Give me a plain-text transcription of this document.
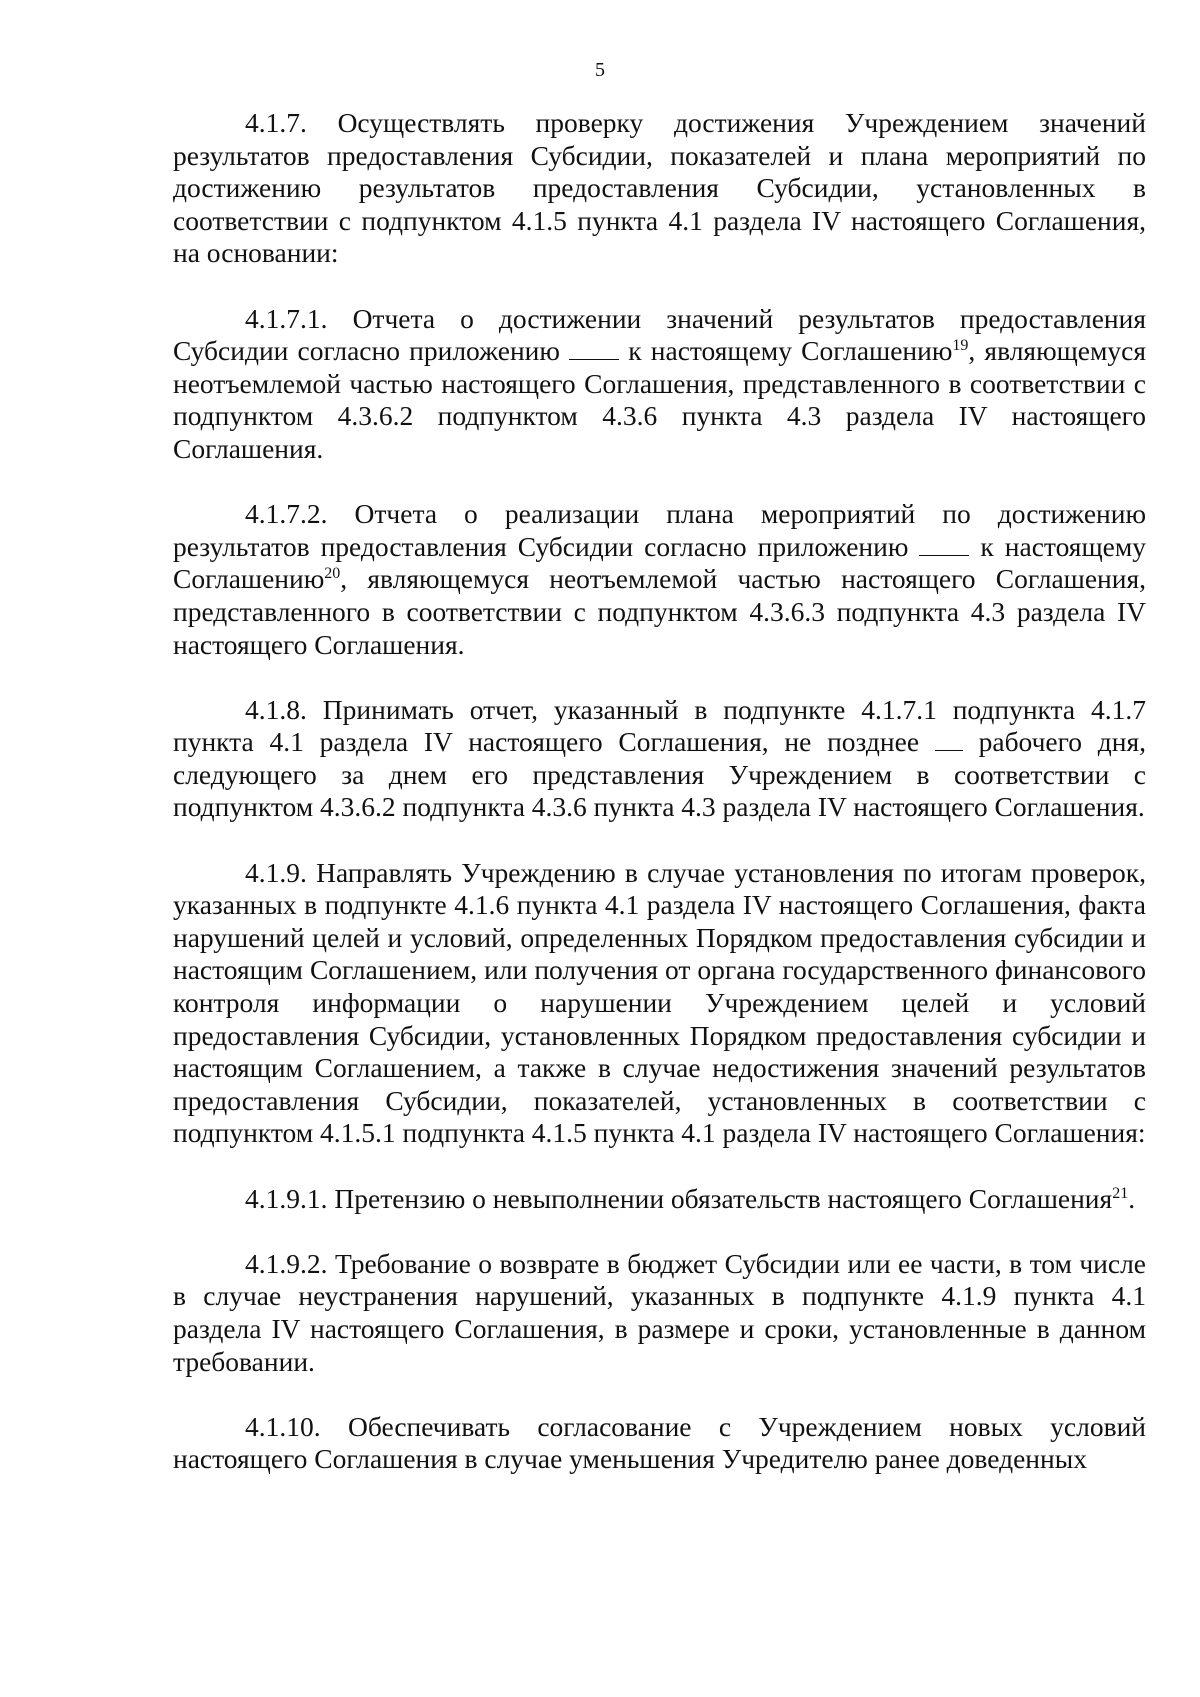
5

4.1.7. Осуществлять проверку достижения Учреждением значений результатов предоставления Субсидии, показателей и плана мероприятий по достижению результатов предоставления Субсидии, установленных в соответствии с подпунктом 4.1.5 пункта 4.1 раздела IV настоящего Соглашения, на основании:

4.1.7.1. Отчета о достижении значений результатов предоставления Субсидии согласно приложению к настоящему Соглашению$^{19}$, являющемуся неотъемлемой частью настоящего Соглашения, представленного в соответствии с подпунктом 4.3.6.2 подпунктом 4.3.6 пункта 4.3 раздела IV настоящего Соглашения.

4.1.7.2. Отчета о реализации плана мероприятий по достижению результатов предоставления Субсидии согласно приложению	к настоящему Соглашению$^{20}$, являющемуся неотъемлемой частью настоящего Соглашения, представленного в соответствии с подпунктом 4.3.6.3 подпункта 4.3 раздела IV настоящего Соглашения.

4.1.8. Принимать отчет, указанный в подпункте 4.1.7.1 подпункта 4.1.7 пункта 4.1 раздела IV настоящего Соглашения, не позднее рабочего дня, следующего за днем его представления Учреждением в соответствии с подпунктом 4.3.6.2 подпункта 4.3.6 пункта 4.3 раздела IV настоящего Соглашения.

4.1.9. Направлять Учреждению в случае установления по итогам проверок, указанных в подпункте 4.1.6 пункта 4.1 раздела IV настоящего Соглашения, факта нарушений целей и условий, определенных Порядком предоставления субсидии и настоящим Соглашением, или получения от органа государственного финансового контроля информации о нарушении Учреждением целей и условий предоставления Субсидии, установленных Порядком предоставления субсидии и настоящим Соглашением, а также в случае недостижения значений результатов предоставления Субсидии, показателей, установленных в соответствии с подпунктом 4.1.5.1 подпункта 4.1.5 пункта 4.1 раздела IV настоящего Соглашения:

4.1.9.1. Претензию о невыполнении обязательств настоящего Соглашения$^{21}$.

4.1.9.2. Требование о возврате в бюджет Субсидии или ее части, в том числе в случае неустранения нарушений, указанных в подпункте 4.1.9 пункта 4.1 раздела IV настоящего Соглашения, в размере и сроки, установленные в данном требовании.

4.1.10. Обеспечивать согласование с Учреждением новых условий настоящего Соглашения в случае уменьшения Учредителю ранее доведенных
